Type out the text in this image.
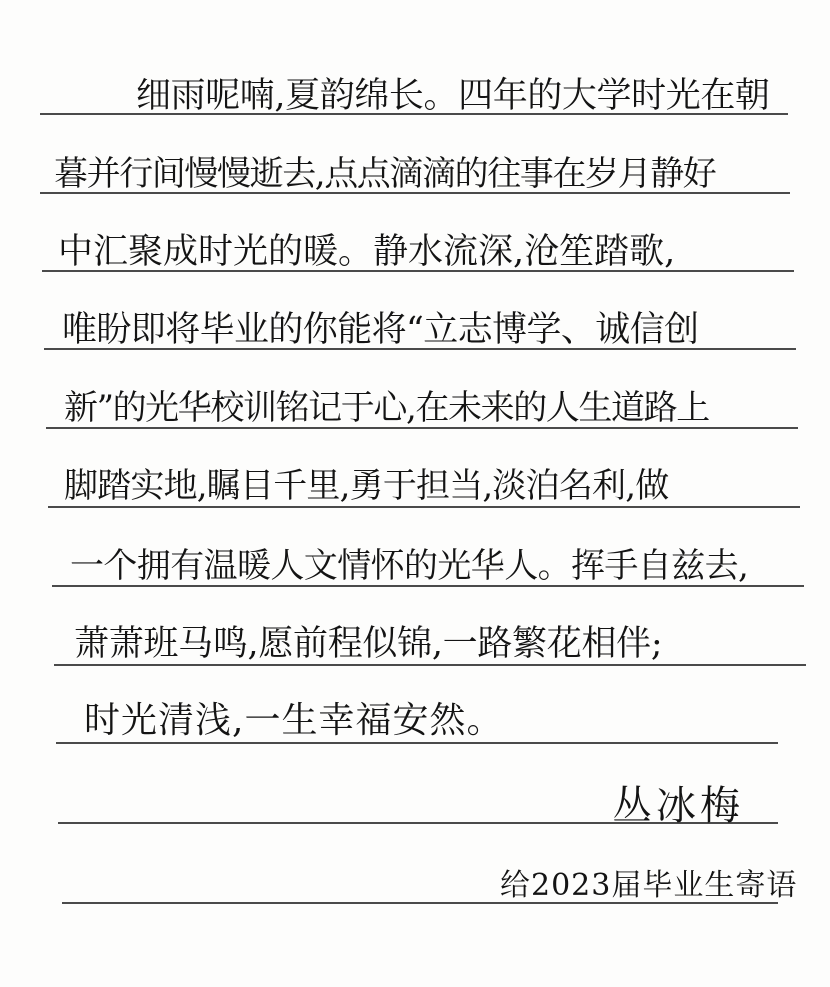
细雨呢喃,夏韵绵长。四年的大学时光在朝
暮并行间慢慢逝去,点点滴滴的往事在岁月静好
中汇聚成时光的暖。静水流深,沧笙踏歌,
唯盼即将毕业的你能将“立志博学、诚信创
新”的光华校训铭记于心,在未来的人生道路上
脚踏实地,瞩目千里,勇于担当,淡泊名利,做
一个拥有温暖人文情怀的光华人。挥手自兹去,
萧萧班马鸣,愿前程似锦,一路繁花相伴;
时光清浅,一生幸福安然。
丛冰梅
给2023届毕业生寄语
